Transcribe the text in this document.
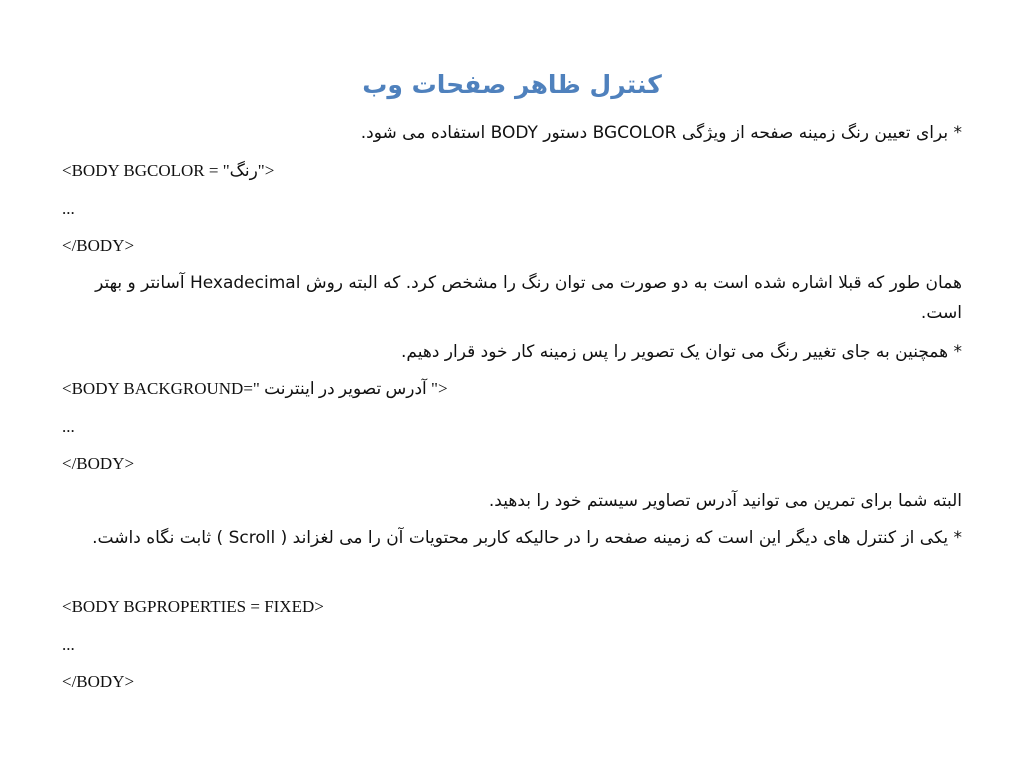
کنترل ظاهر صفحات وب
* برای تعیین رنگ زمینه صفحه از ویژگی BGCOLOR دستور BODY استفاده می شود.
<BODY BGCOLOR = "رنگ">
...
</BODY>
همان طور که قبلا اشاره شده است به دو صورت می توان رنگ را مشخص کرد. که البته روش Hexadecimal آسانتر و بهتر است.
* همچنین به جای تغییر رنگ می توان یک تصویر را پس زمینه کار خود قرار دهیم.
<BODY BACKGROUND=" آدرس تصویر در اینترنت ">
...
</BODY>
البته شما برای تمرین می توانید آدرس تصاویر سیستم خود را بدهید.
* یکی از کنترل های دیگر این است که زمینه صفحه را در حالیکه کاربر محتویات آن را می لغزاند ( Scroll ) ثابت نگاه داشت.
<BODY BGPROPERTIES = FIXED>
...
</BODY>
